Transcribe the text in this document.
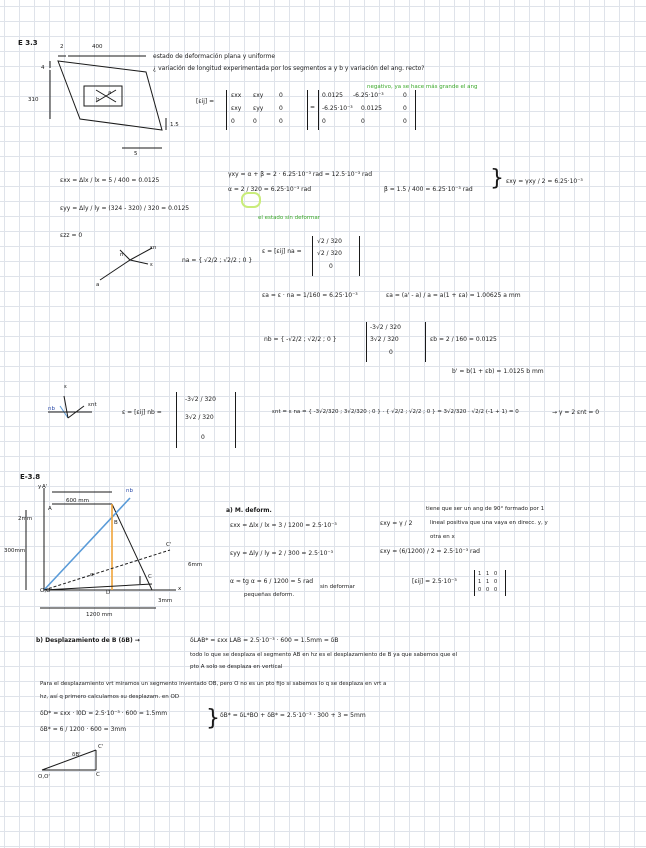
E 3.3	2	400
4
310
1.5
5
b
a
estado de deformación plana y uniforme
¿ variación de longitud experimentada por los segmentos a y b y variación del ang. recto?
negativo, ya se hace más grande el ang
[εij] =
εxx εxy	0
εxy εyy	0
0	0	0
=
0.0125 -6.25·10⁻³	0
-6.25·10⁻³ 0.0125	0
0	0	0
εxx = Δlx / lx = 5 / 400 = 0.0125
εyy = Δly / ly = (324 - 320) / 320 = 0.0125
εzz = 0
γxy = α + β = 2 · 6.25·10⁻³ rad = 12.5·10⁻³ rad
α = 2 / 320 = 6.25·10⁻³ rad	β = 1.5 / 400 = 6.25·10⁻³ rad } εxy = γxy / 2 = 6.25·10⁻³
el estado sin deformar
εn
ε
n
a
na = { √2/2 ; √2/2 ; 0 }
ε = [εij] na =
√2 / 320
√2 / 320
0
εa = ε · na = 1/160 = 6.25·10⁻³	εa = (a' - a) / a = a(1 + εa) = 1.00625 a mm
nb = { -√2/2 ; √2/2 ; 0 }
-3√2 / 320
3√2 / 320
0
εb = 2 / 160 = 0.0125
b' = b(1 + εb) = 1.0125 b mm
nb
ε
εnt
ε = [εij] nb =
-3√2 / 320
3√2 / 320
0
εnt = ε na = { -3√2/320 ; 3√2/320 ; 0 } · { √2/2 ; √2/2 ; 0 } = 3√2/320 · √2/2 (-1 + 1) = 0	→ γ = 2 εnt = 0
E-3.8
A'
A
B
C
C'
D
O,O'
nb
y
x
α
600 mm
2mm
300mm
6mm
1200 mm
3mm
a) M. deform.
εxx = Δlx / lx = 3 / 1200 = 2.5·10⁻³
εyy = Δly / ly = 2 / 300 = 2.5·10⁻³
α ≈ tg α = 6 / 1200 = 5 rad
pequeñas deform.
sin deformar
εxy = γ / 2
tiene que ser un ang de 90° formado por 1
lineal positiva que una vaya en direcc. y, y
otra en x
εxy = (6/1200) / 2 = 2.5·10⁻³ rad
[εij] = 2.5·10⁻³
1 1 0
1 1 0
0 0 0
b) Desplazamiento de B (δB) →	δLAB* = εxx LAB = 2.5·10⁻³ · 600 = 1.5mm = δB
todo lo que se desplaza el segmento AB en hz es el desplazamiento de B ya que sabemos que el
pto A solo se desplaza en vertical
Para el desplazamiento vrt miramos un segmento inventado OB, pero O no es un pto fijo si sabemos lo q se desplaza en vrt a
hz, así q primero calculamos su desplazam. en OD
δD* = εxx · l0D = 2.5·10⁻³ · 600 = 1.5mm
δB* = 6 / 1200 · 600 = 3mm	} δB* = δL*BO + δB* = 2.5·10⁻³ · 300 + 3 = 5mm
O,O'	C
C'
δB'
